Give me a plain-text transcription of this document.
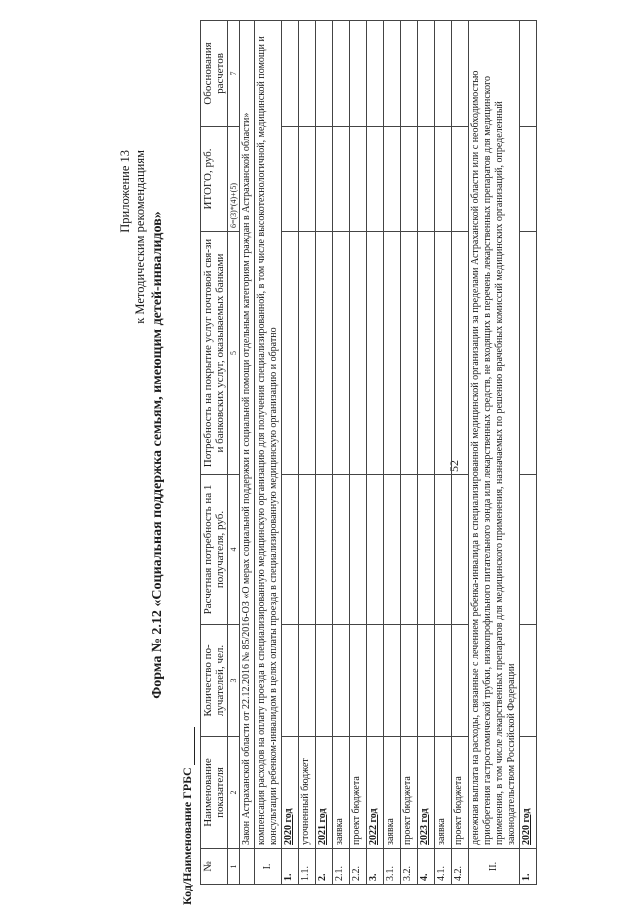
52
Приложение 13 к Методическим рекомендациям Форма № 2.12 «Социальная поддержка семьям, имеющим детей-инвалидов»
Код/Наименование ГРБС №	Наименование показателя	Количество по-лучателей, чел.	Расчетная потребность на 1 получателя, руб.	Потребность на покрытие услуг почтовой свя-зи и банковских услуг, оказываемых банками	ИТОГО, руб.	Обоснования расчетов
1	2	3	4	5	6=(3)*(4)+(5)	7
	Закон Астраханской области от 22.12.2016 № 85/2016-ОЗ «О мерах социальной поддержки и социальной помощи отдельным категориям граждан в Астраханской области»					
I.	компенсация расходов на оплату проезда в специализированную медицинскую организацию для получения специализированной, в том числе высокотехнологичной, медицинской помощи и консультации ребенком-инвалидом в целях оплаты проезда в специализированную медицинскую организацию и обратно					
1.	2020 год					
1.1.	уточненный бюджет					
2.	2021 год					
2.1.	заявка					
2.2.	проект бюджета					
3.	2022 год					
3.1.	заявка					
3.2.	проект бюджета					
4.	2023 год					
4.1.	заявка					
4.2.	проект бюджета					
II.	денежная выплата на расходы, связанные с лечением ребенка-инвалида в специализированной медицинской организации за пределами Астраханской области или с необходимостью приобретения гастростомической трубки, низкопрофильного питательного зонда или лекарственных средств, не входящих в перечень лекарственных препаратов для медицинского применения, в том числе лекарственных препаратов для медицинского применения, назначаемых по решению врачебных комиссий медицинских организаций, определенный законодательством Российской Федерации					
1.	2020 год					
